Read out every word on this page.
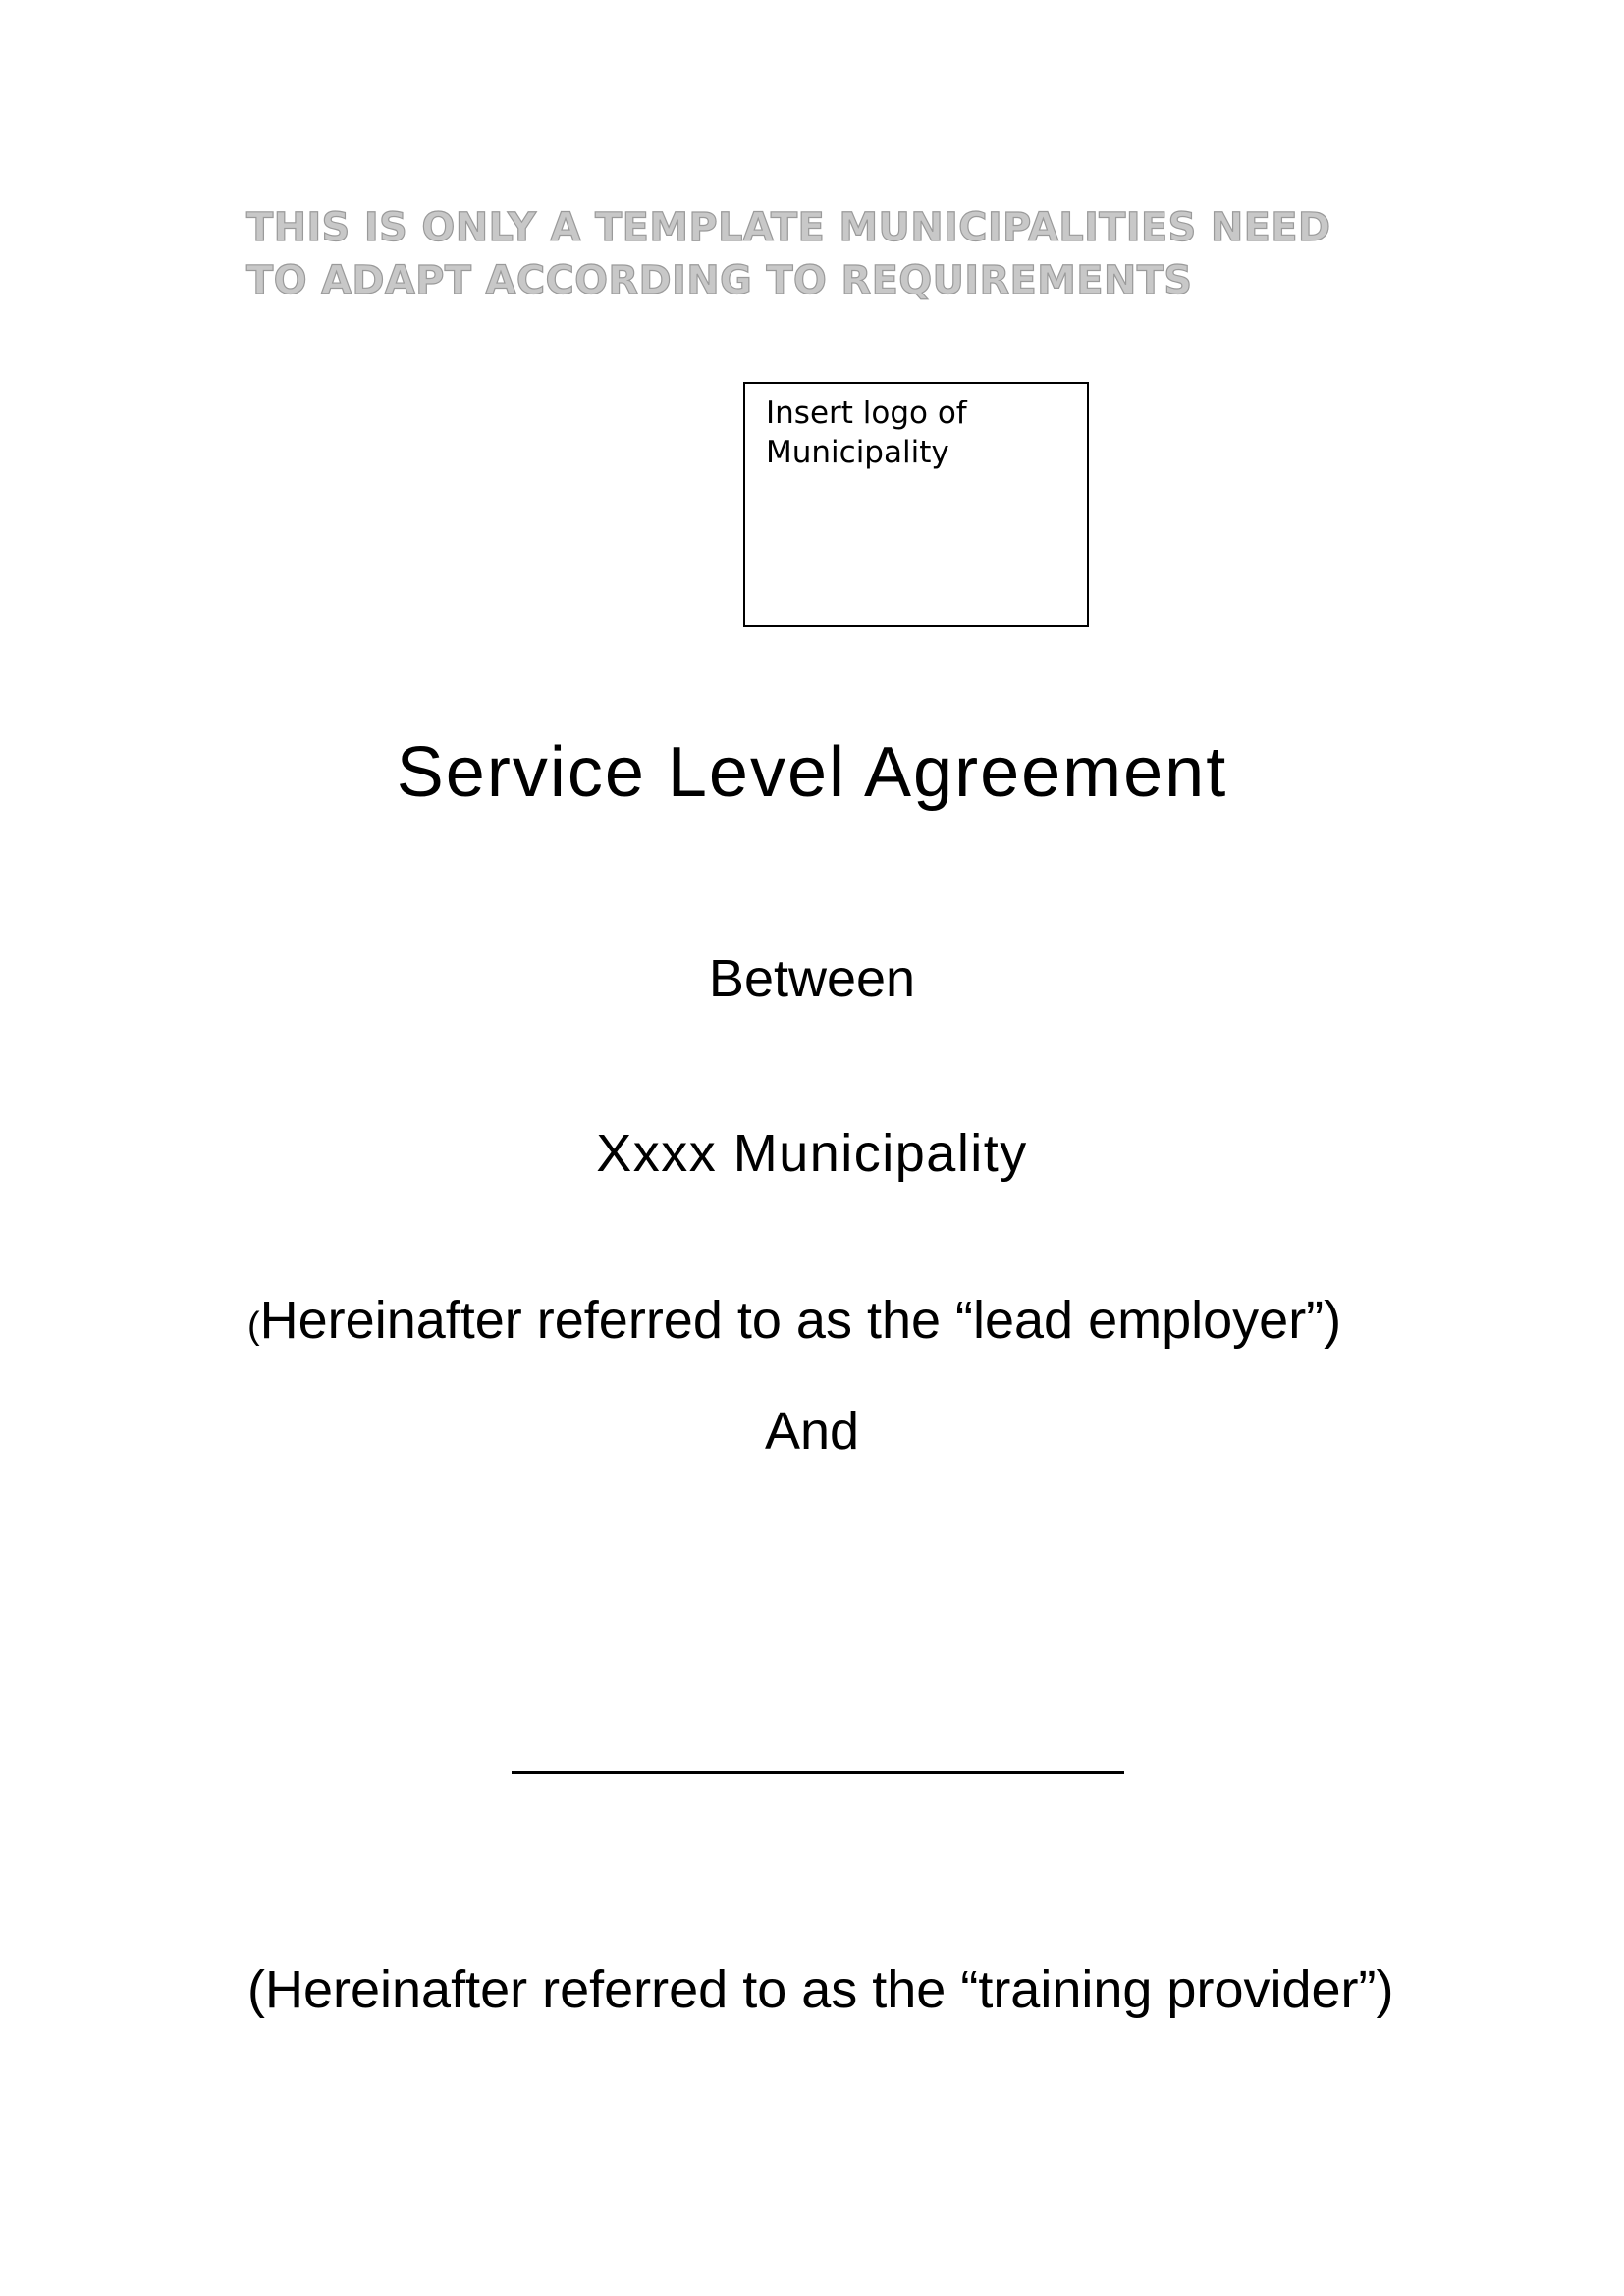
THIS IS ONLY A TEMPLATE MUNICIPALITIES NEED
TO ADAPT ACCORDING TO REQUIREMENTS
Insert logo of
Municipality
Service Level Agreement

Between

Xxxx Municipality

(Hereinafter referred to as the “lead employer”)

And

(Hereinafter referred to as the “training provider”)
